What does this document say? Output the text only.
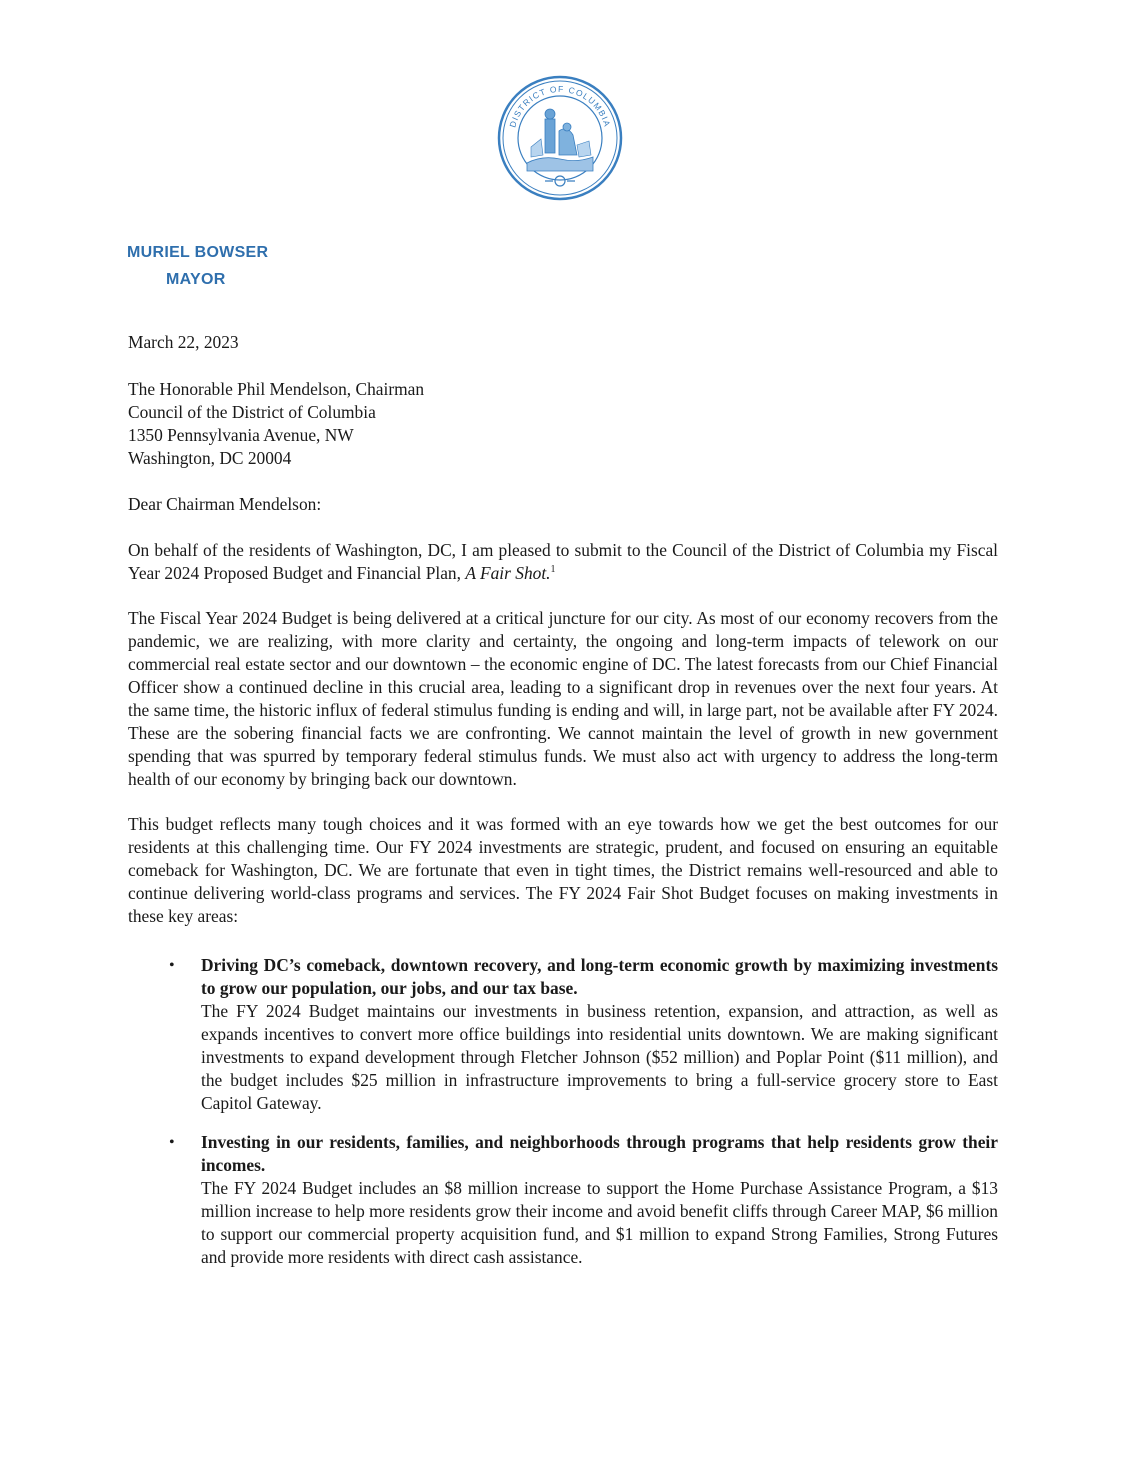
DISTRICT OF COLUMBIA
MURIEL BOWSER
MAYOR

March 22, 2023

The Honorable Phil Mendelson, Chairman
Council of the District of Columbia
1350 Pennsylvania Avenue, NW
Washington, DC 20004

Dear Chairman Mendelson:

On behalf of the residents of Washington, DC, I am pleased to submit to the Council of the District of Columbia my Fiscal Year 2024 Proposed Budget and Financial Plan, A Fair Shot.$^1$

The Fiscal Year 2024 Budget is being delivered at a critical juncture for our city. As most of our economy recovers from the pandemic, we are realizing, with more clarity and certainty, the ongoing and long-term impacts of telework on our commercial real estate sector and our downtown – the economic engine of DC. The latest forecasts from our Chief Financial Officer show a continued decline in this crucial area, leading to a significant drop in revenues over the next four years. At the same time, the historic influx of federal stimulus funding is ending and will, in large part, not be available after FY 2024. These are the sobering financial facts we are confronting. We cannot maintain the level of growth in new government spending that was spurred by temporary federal stimulus funds. We must also act with urgency to address the long-term health of our economy by bringing back our downtown.

This budget reflects many tough choices and it was formed with an eye towards how we get the best outcomes for our residents at this challenging time. Our FY 2024 investments are strategic, prudent, and focused on ensuring an equitable comeback for Washington, DC. We are fortunate that even in tight times, the District remains well-resourced and able to continue delivering world-class programs and services. The FY 2024 Fair Shot Budget focuses on making investments in these key areas:

• Driving DC’s comeback, downtown recovery, and long-term economic growth by maximizing investments to grow our population, our jobs, and our tax base.
The FY 2024 Budget maintains our investments in business retention, expansion, and attraction, as well as expands incentives to convert more office buildings into residential units downtown. We are making significant investments to expand development through Fletcher Johnson ($52 million) and Poplar Point ($11 million), and the budget includes $25 million in infrastructure improvements to bring a full-service grocery store to East Capitol Gateway.
• Investing in our residents, families, and neighborhoods through programs that help residents grow their incomes.
The FY 2024 Budget includes an $8 million increase to support the Home Purchase Assistance Program, a $13 million increase to help more residents grow their income and avoid benefit cliffs through Career MAP, $6 million to support our commercial property acquisition fund, and $1 million to expand Strong Families, Strong Futures and provide more residents with direct cash assistance.
